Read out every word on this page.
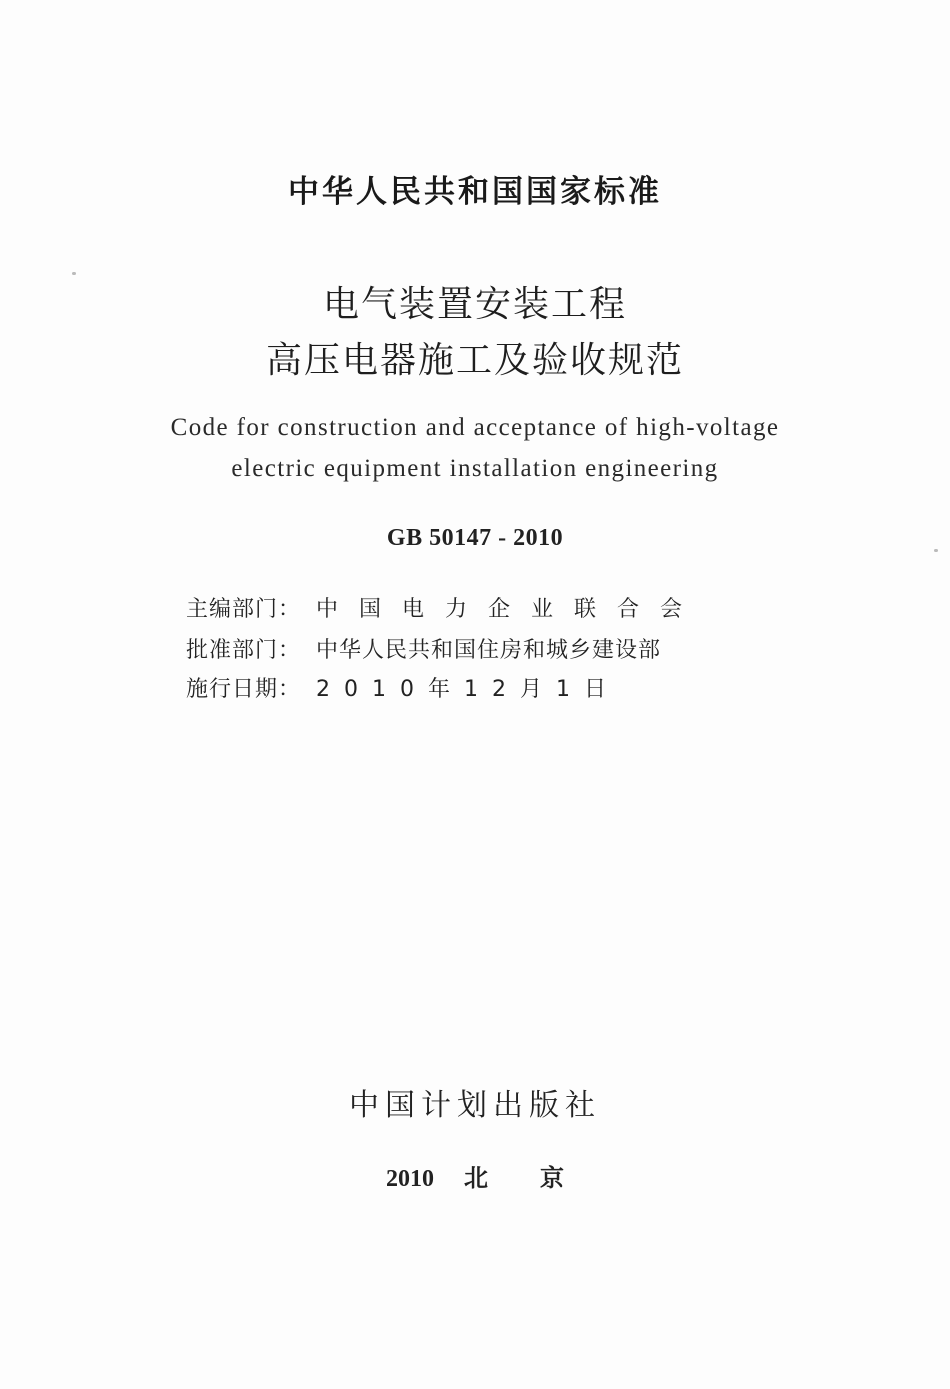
中华人民共和国国家标准
电气装置安装工程
高压电器施工及验收规范
Code for construction and acceptance of high-voltage
electric equipment installation engineering
GB 50147 - 2010
主编部门： 中国电力企业联合会
批准部门： 中华人民共和国住房和城乡建设部
施行日期： 2010年12月1日
中国计划出版社
2010 北京
